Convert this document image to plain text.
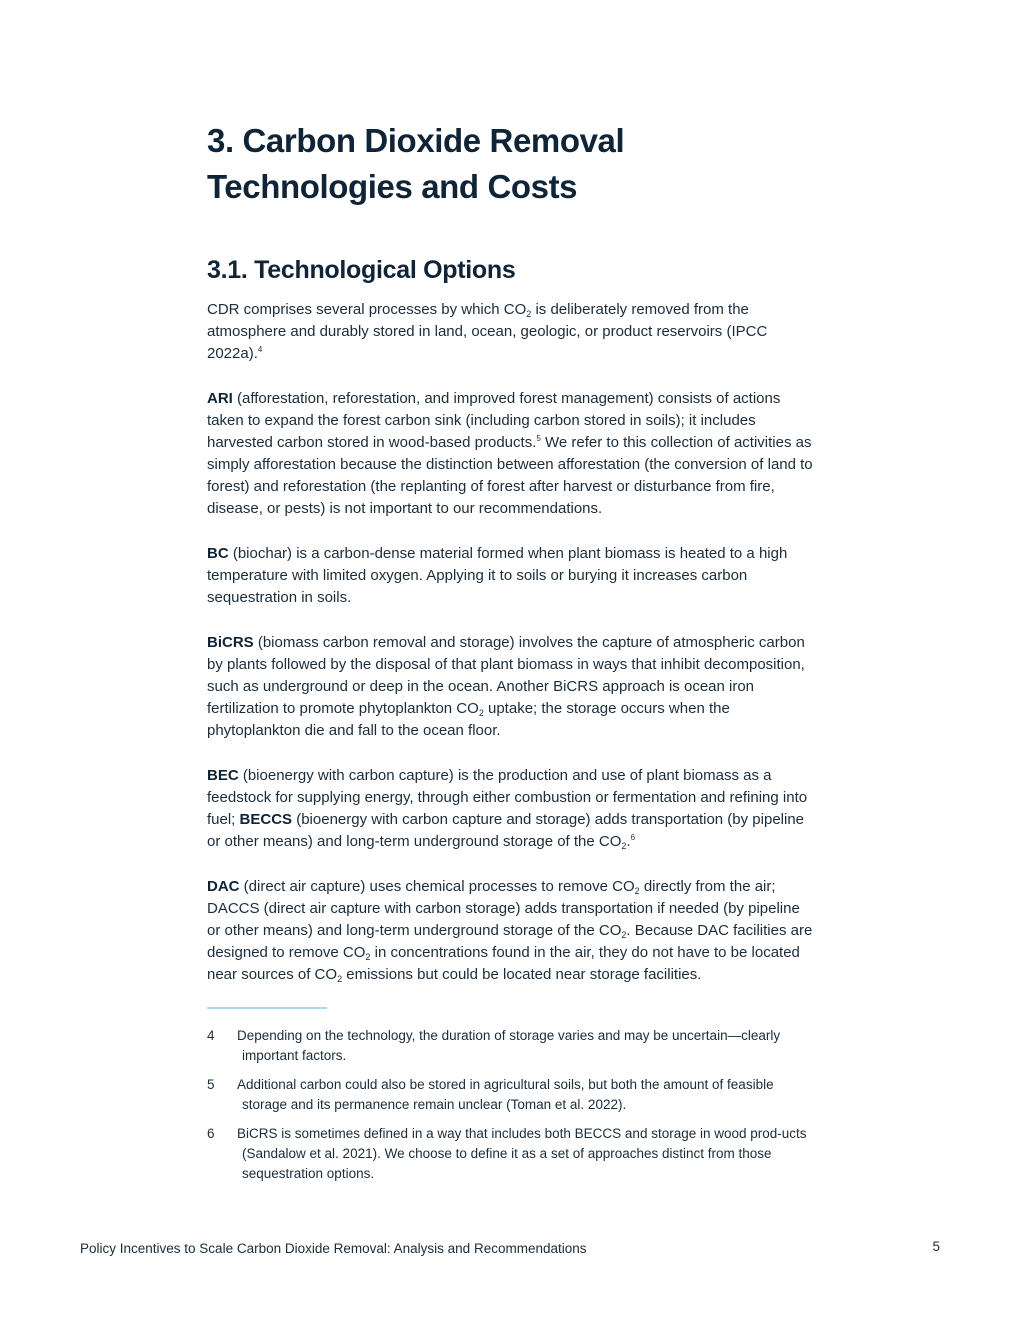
3. Carbon Dioxide Removal
Technologies and Costs
3.1. Technological Options

CDR comprises several processes by which $CO_2$ is deliberately removed from the atmosphere and durably stored in land, ocean, geologic, or product reservoirs (IPCC 2022a).$^4$

ARI (afforestation, reforestation, and improved forest management) consists of actions taken to expand the forest carbon sink (including carbon stored in soils); it includes harvested carbon stored in wood-based products.$^5$ We refer to this collection of activities as simply afforestation because the distinction between afforestation (the conversion of land to forest) and reforestation (the replanting of forest after harvest or disturbance from fire, disease, or pests) is not important to our recommendations.

BC (biochar) is a carbon-dense material formed when plant biomass is heated to a high temperature with limited oxygen. Applying it to soils or burying it increases carbon sequestration in soils.

BiCRS (biomass carbon removal and storage) involves the capture of atmospheric carbon by plants followed by the disposal of that plant biomass in ways that inhibit decomposition, such as underground or deep in the ocean. Another BiCRS approach is ocean iron fertilization to promote phytoplankton $CO_2$ uptake; the storage occurs when the phytoplankton die and fall to the ocean floor.

BEC (bioenergy with carbon capture) is the production and use of plant biomass as a feedstock for supplying energy, through either combustion or fermentation and refining into fuel; BECCS (bioenergy with carbon capture and storage) adds transportation (by pipeline or other means) and long-term underground storage of the $CO_2.^6$

DAC (direct air capture) uses chemical processes to remove $CO_2$ directly from the air; DACCS (direct air capture with carbon storage) adds transportation if needed (by pipeline or other means) and long-term underground storage of the $CO_2$. Because DAC facilities are designed to remove $CO_2$ in concentrations found in the air, they do not have to be located near sources of $CO_2$ emissions but could be located near storage facilities.

4 Depending on the technology, the duration of storage varies and may be uncertain—clearly important factors.
5 Additional carbon could also be stored in agricultural soils, but both the amount of feasible storage and its permanence remain unclear (Toman et al. 2022).
6 BiCRS is sometimes defined in a way that includes both BECCS and storage in wood prod-ucts (Sandalow et al. 2021). We choose to define it as a set of approaches distinct from those sequestration options.
Policy Incentives to Scale Carbon Dioxide Removal: Analysis and Recommendations	5
